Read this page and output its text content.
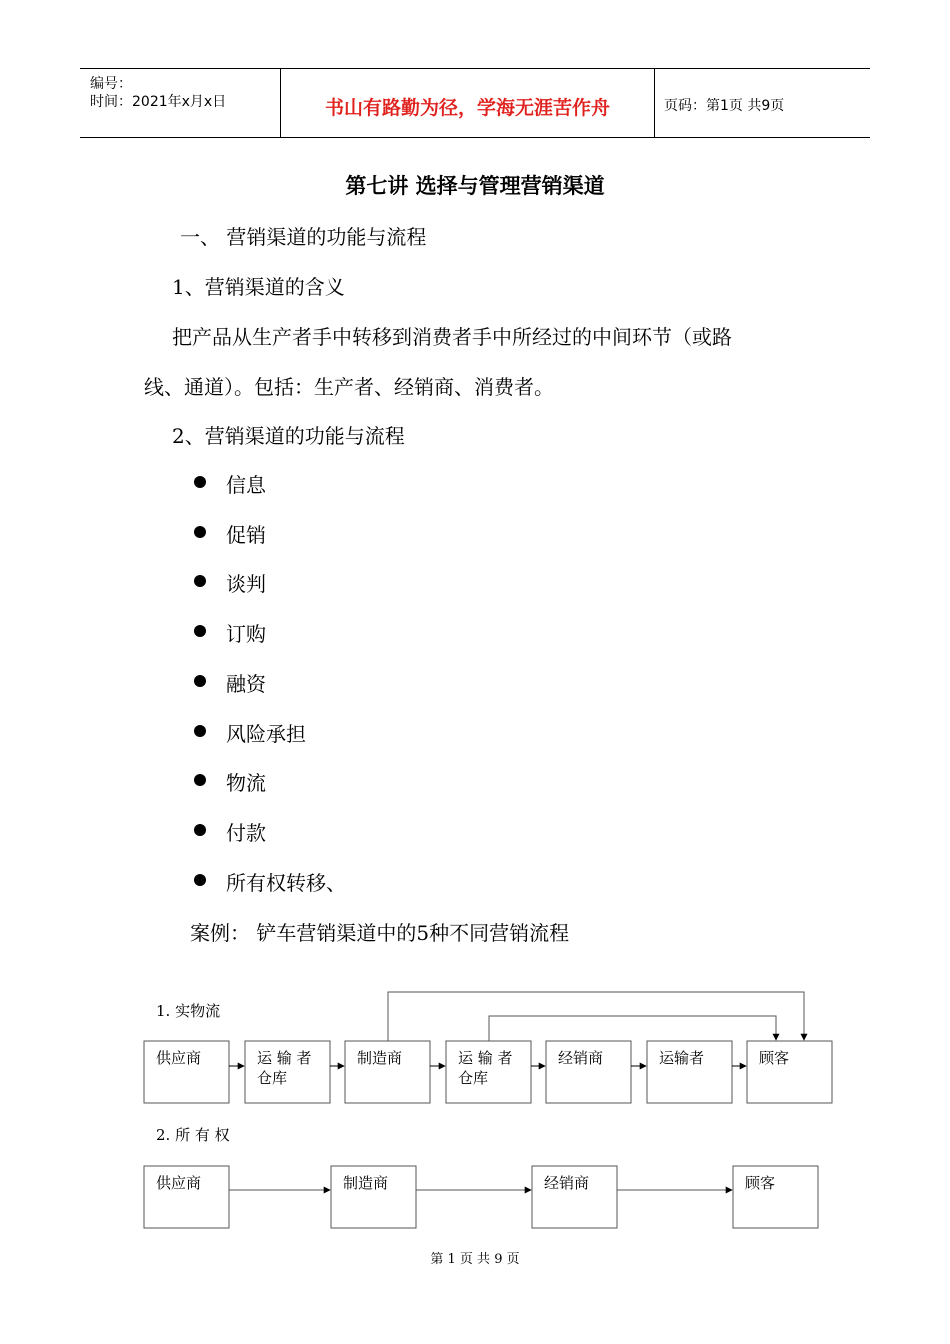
编号：
时间：2021年x月x日	书山有路勤为径，学海无涯苦作舟	页码：第1页 共9页
第七讲 选择与管理营销渠道
一、 营销渠道的功能与流程
1、营销渠道的含义
把产品从生产者手中转移到消费者手中所经过的中间环节（或路
线、通道）。包括：生产者、经销商、消费者。
2、营销渠道的功能与流程
信息
促销
谈判
订购
融资
风险承担
物流
付款
所有权转移、
案例： 铲车营销渠道中的5种不同营销流程
1. 实物流
供应商	运 输 者
仓库
制造商	运 输 者
仓库
经销商	运输者	顾客
2. 所 有 权
供应商	制造商	经销商	顾客
第 1 页 共 9 页
